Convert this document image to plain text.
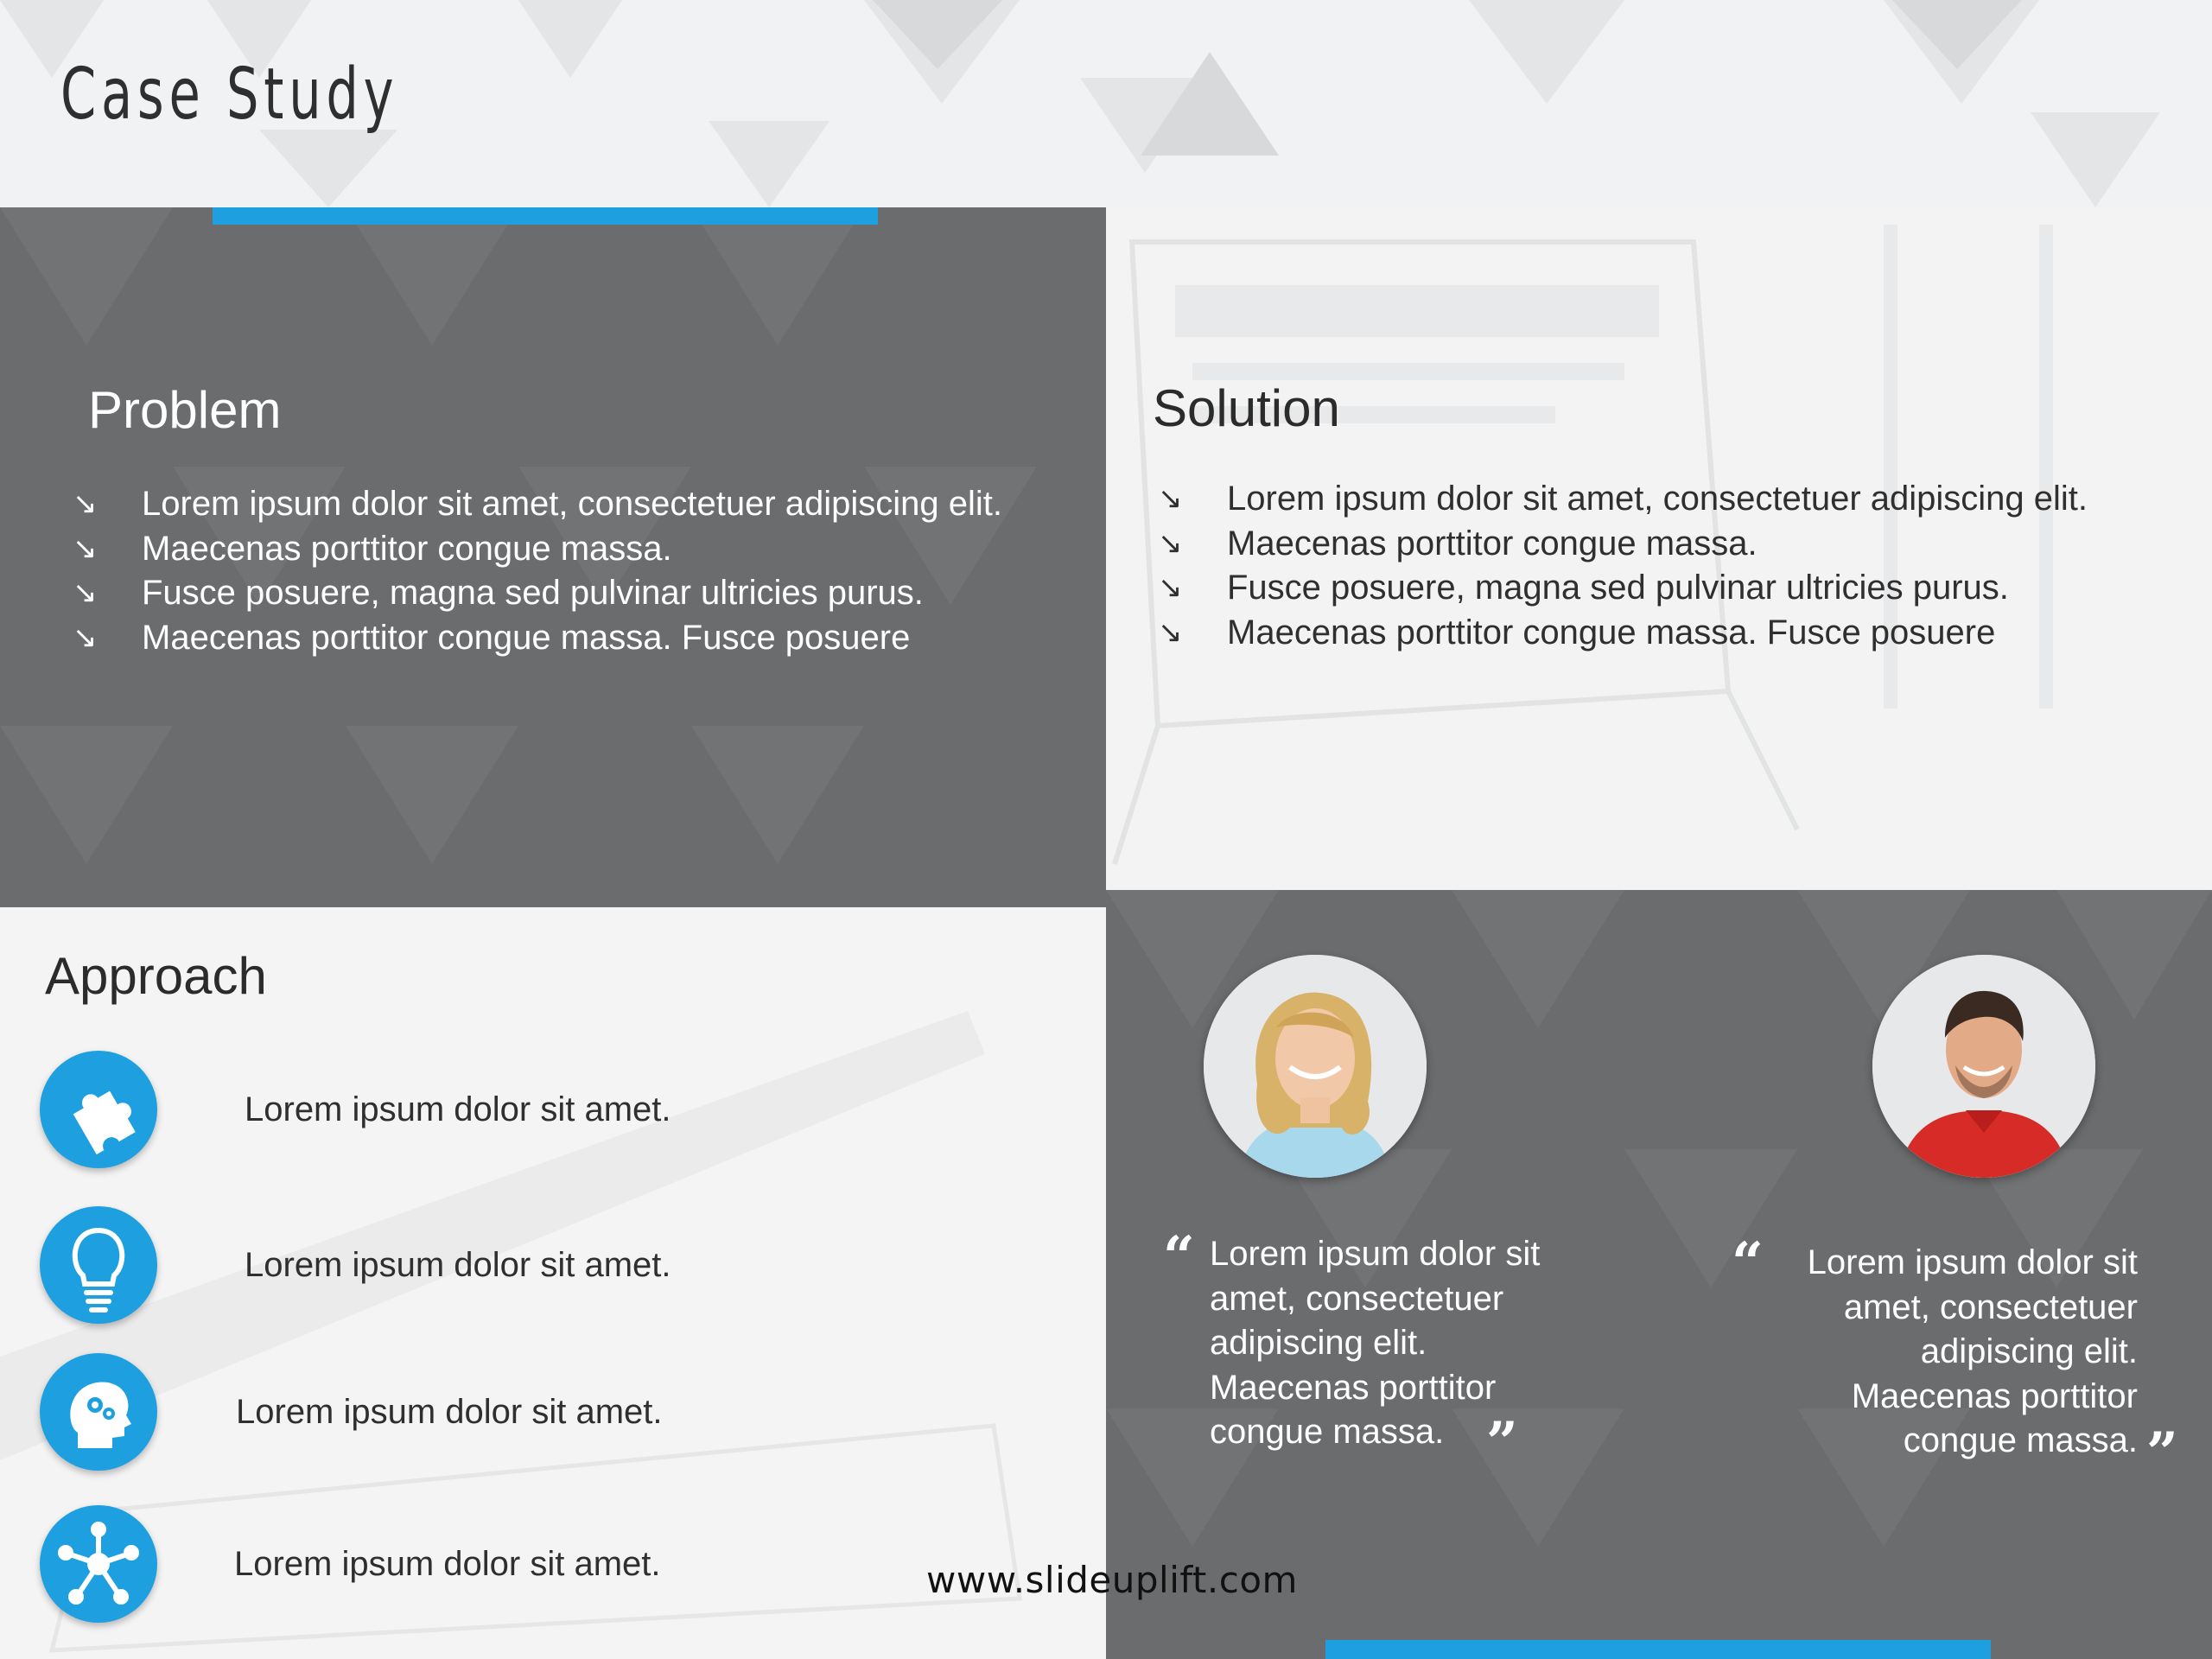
Case Study
Problem
↘ Lorem ipsum dolor sit amet, consectetuer adipiscing elit.
↘ Maecenas porttitor congue massa.
↘ Fusce posuere, magna sed pulvinar ultricies purus.
↘ Maecenas porttitor congue massa. Fusce posuere
Solution
↘ Lorem ipsum dolor sit amet, consectetuer adipiscing elit.
↘ Maecenas porttitor congue massa.
↘ Fusce posuere, magna sed pulvinar ultricies purus.
↘ Maecenas porttitor congue massa. Fusce posuere
Approach
Lorem ipsum dolor sit amet.
Lorem ipsum dolor sit amet.
Lorem ipsum dolor sit amet.
Lorem ipsum dolor sit amet.
“ Lorem ipsum dolor sit
amet, consectetuer
adipiscing elit.
Maecenas porttitor
congue massa. ”
“ Lorem ipsum dolor sit
amet, consectetuer
adipiscing elit.
Maecenas porttitor
congue massa. ”
www.slideuplift.com
